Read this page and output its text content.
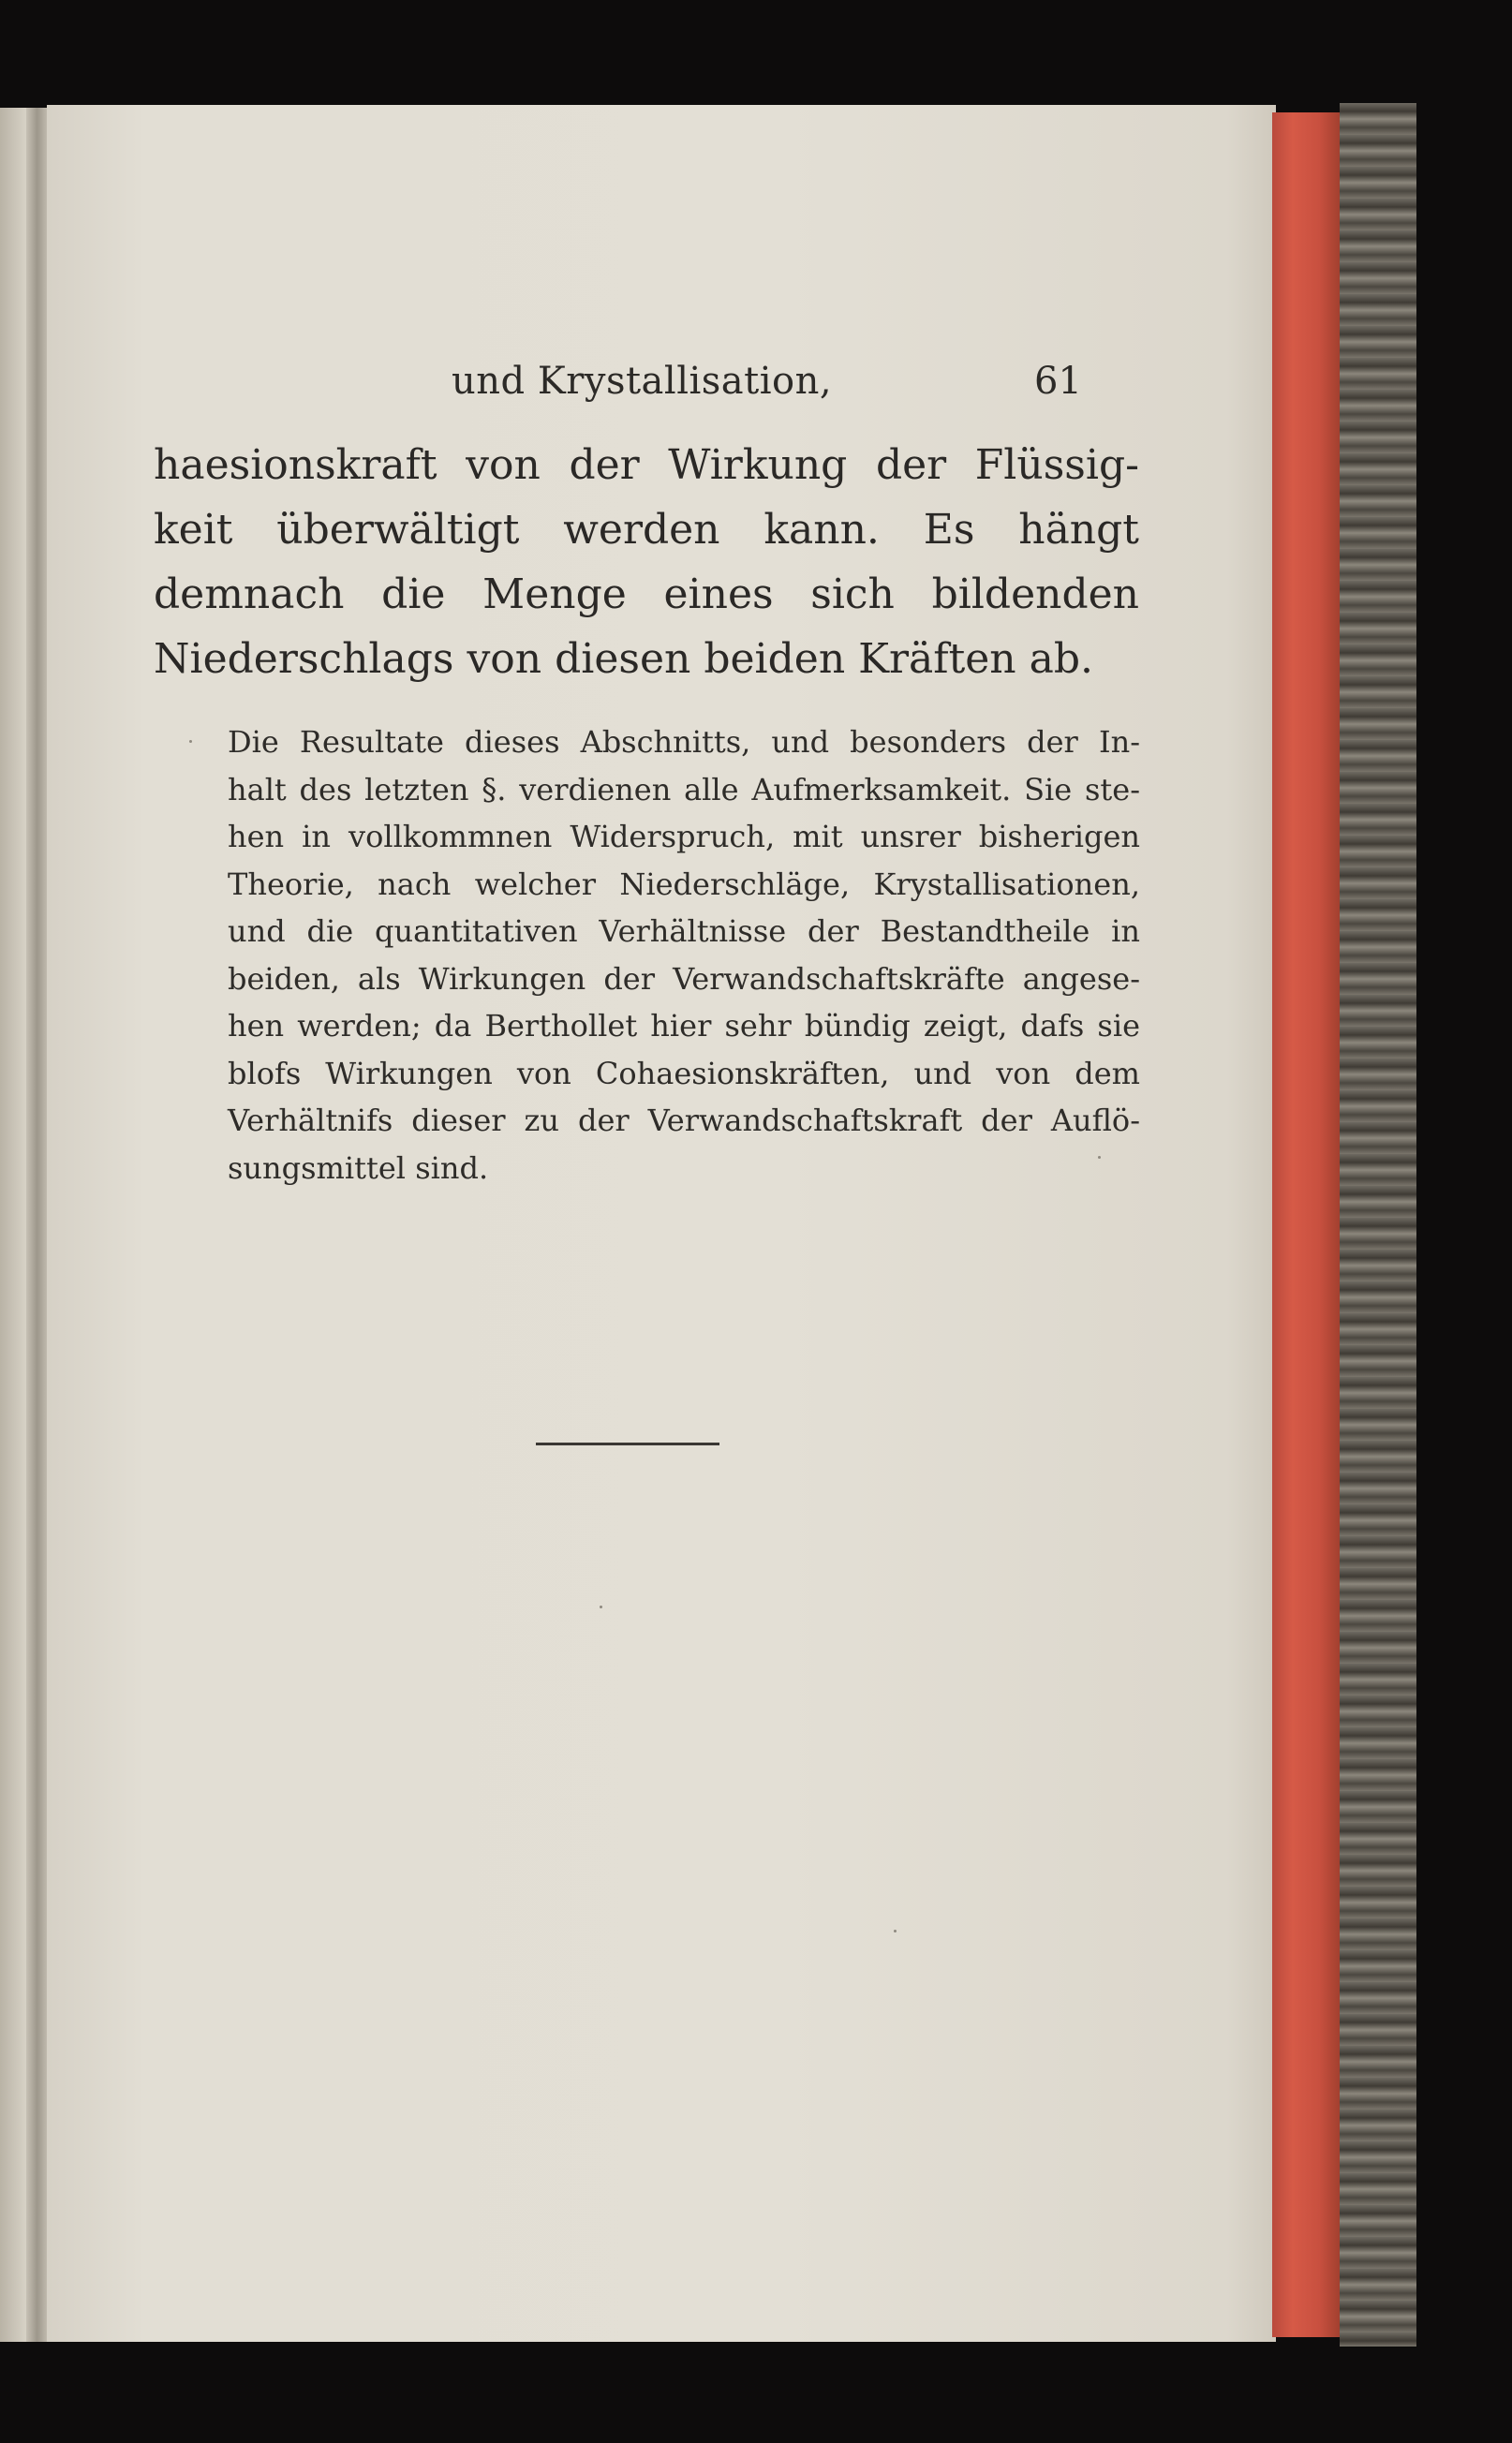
und Krystallisation,	61
haesionskraft von der Wirkung der Flüssig-
keit überwältigt werden kann. Es hängt
demnach die Menge eines sich bildenden
Niederschlags von diesen beiden Kräften ab.
Die Resultate dieses Abschnitts, und besonders der In-
halt des letzten §. verdienen alle Aufmerksamkeit. Sie ste-
hen in vollkommnen Widerspruch, mit unsrer bisherigen
Theorie, nach welcher Niederschläge, Krystallisationen,
und die quantitativen Verhältnisse der Bestandtheile in
beiden, als Wirkungen der Verwandschaftskräfte angese-
hen werden; da Berthollet hier sehr bündig zeigt, dafs sie
blofs Wirkungen von Cohaesionskräften, und von dem
Verhältnifs dieser zu der Verwandschaftskraft der Auflö-
sungsmittel sind.
